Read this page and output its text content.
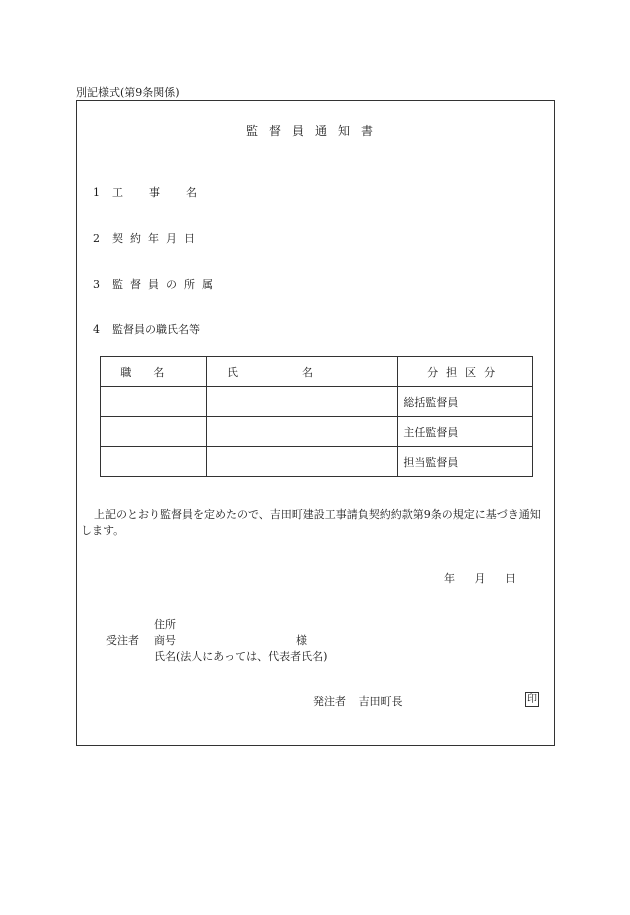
別記様式(第9条関係)
監督員通知書
1 工事名
2 契約年月日
3 監督員の所属
4 監督員の職氏名等
職名	氏名	分担区分
		総括監督員
		主任監督員
		担当監督員
上記のとおり監督員を定めたので、吉田町建設工事請負契約約款第9条の規定に基づき通知します。
年 月 日
受注者
住所
商号	様
氏名(法人にあっては、代表者氏名)
発注者 吉田町長	印
